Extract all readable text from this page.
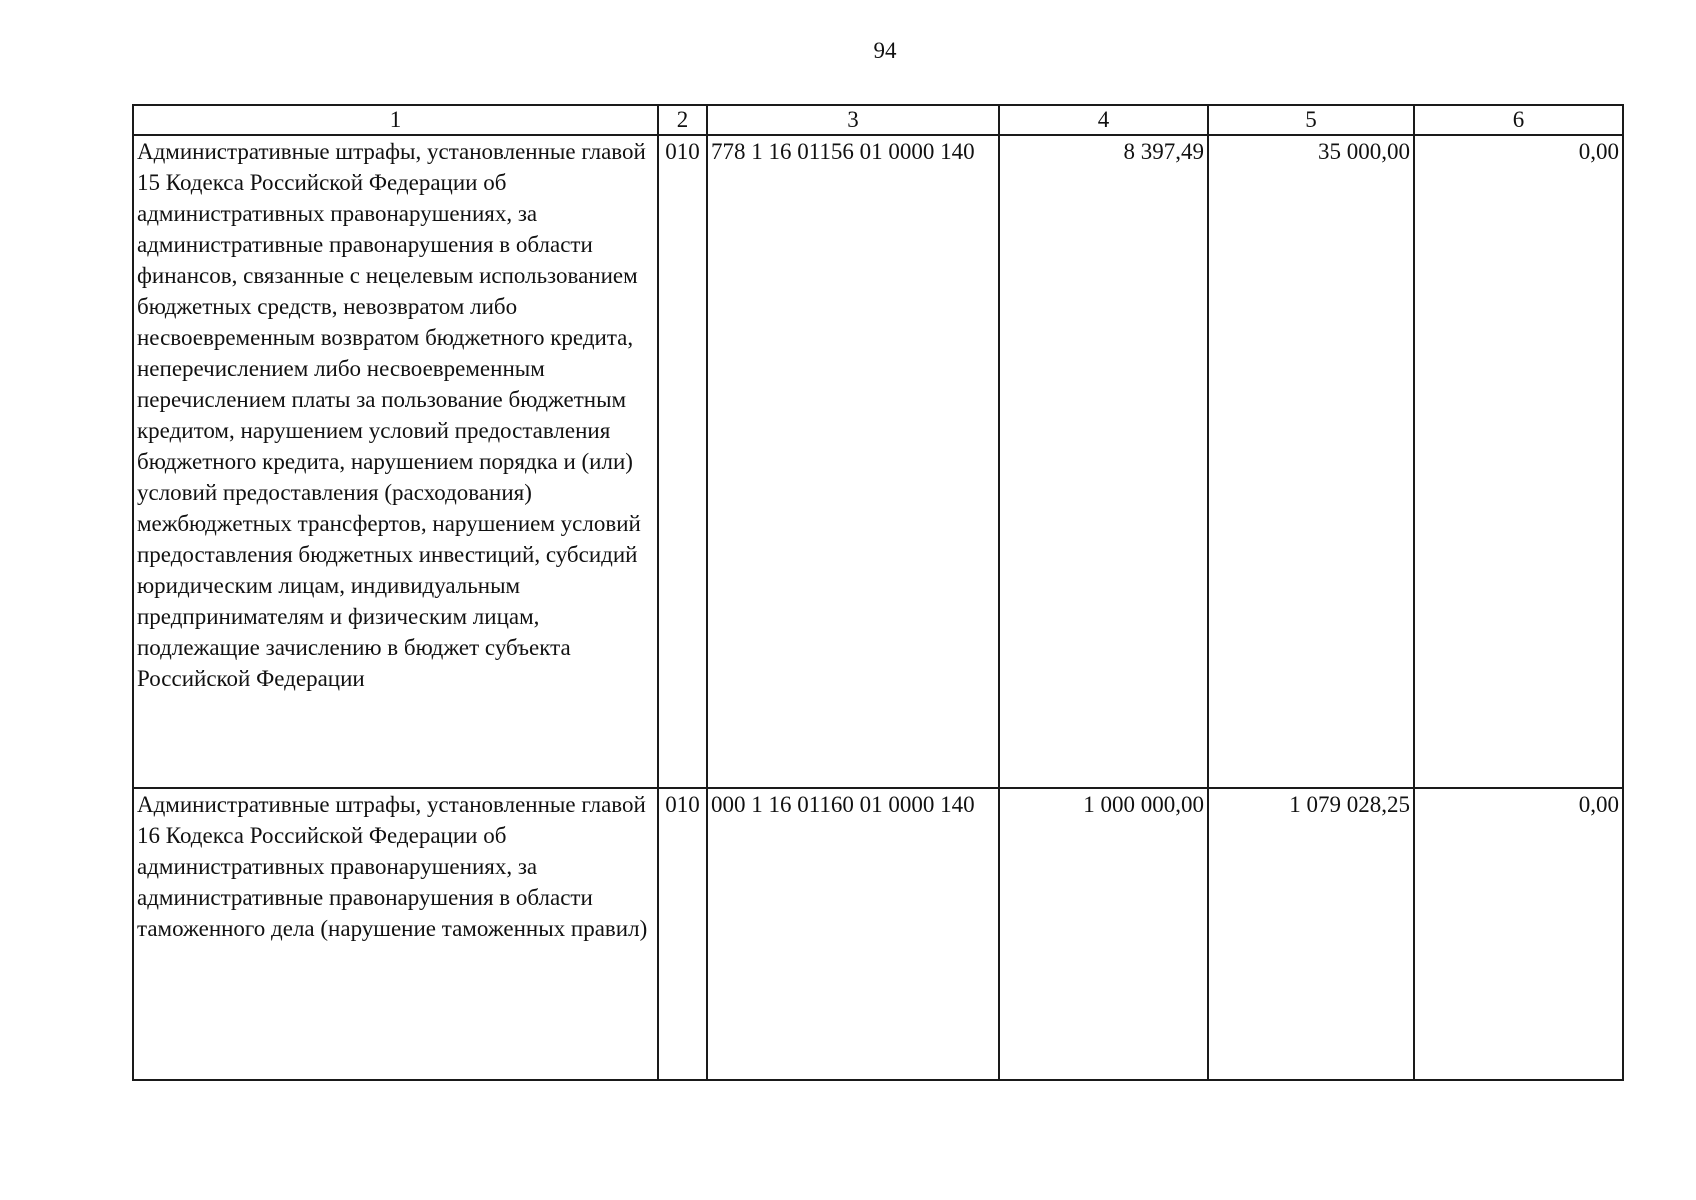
94
1	2	3	4	5	6
Административные штрафы, установленные главой 15 Кодекса Российской Федерации об административных правонарушениях, за административные правонарушения в области финансов, связанные с нецелевым использованием бюджетных средств, невозвратом либо несвоевременным возвратом бюджетного кредита, неперечислением либо несвоевременным перечислением платы за пользование бюджетным кредитом, нарушением условий предоставления бюджетного кредита, нарушением порядка и (или) условий предоставления (расходования) межбюджетных трансфертов, нарушением условий предоставления бюджетных инвестиций, субсидий юридическим лицам, индивидуальным предпринимателям и физическим лицам, подлежащие зачислению в бюджет субъекта Российской Федерации	010	778 1 16 01156 01 0000 140	8 397,49	35 000,00	0,00
Административные штрафы, установленные главой 16 Кодекса Российской Федерации об административных правонарушениях, за административные правонарушения в области таможенного дела (нарушение таможенных правил)	010	000 1 16 01160 01 0000 140	1 000 000,00	1 079 028,25	0,00
